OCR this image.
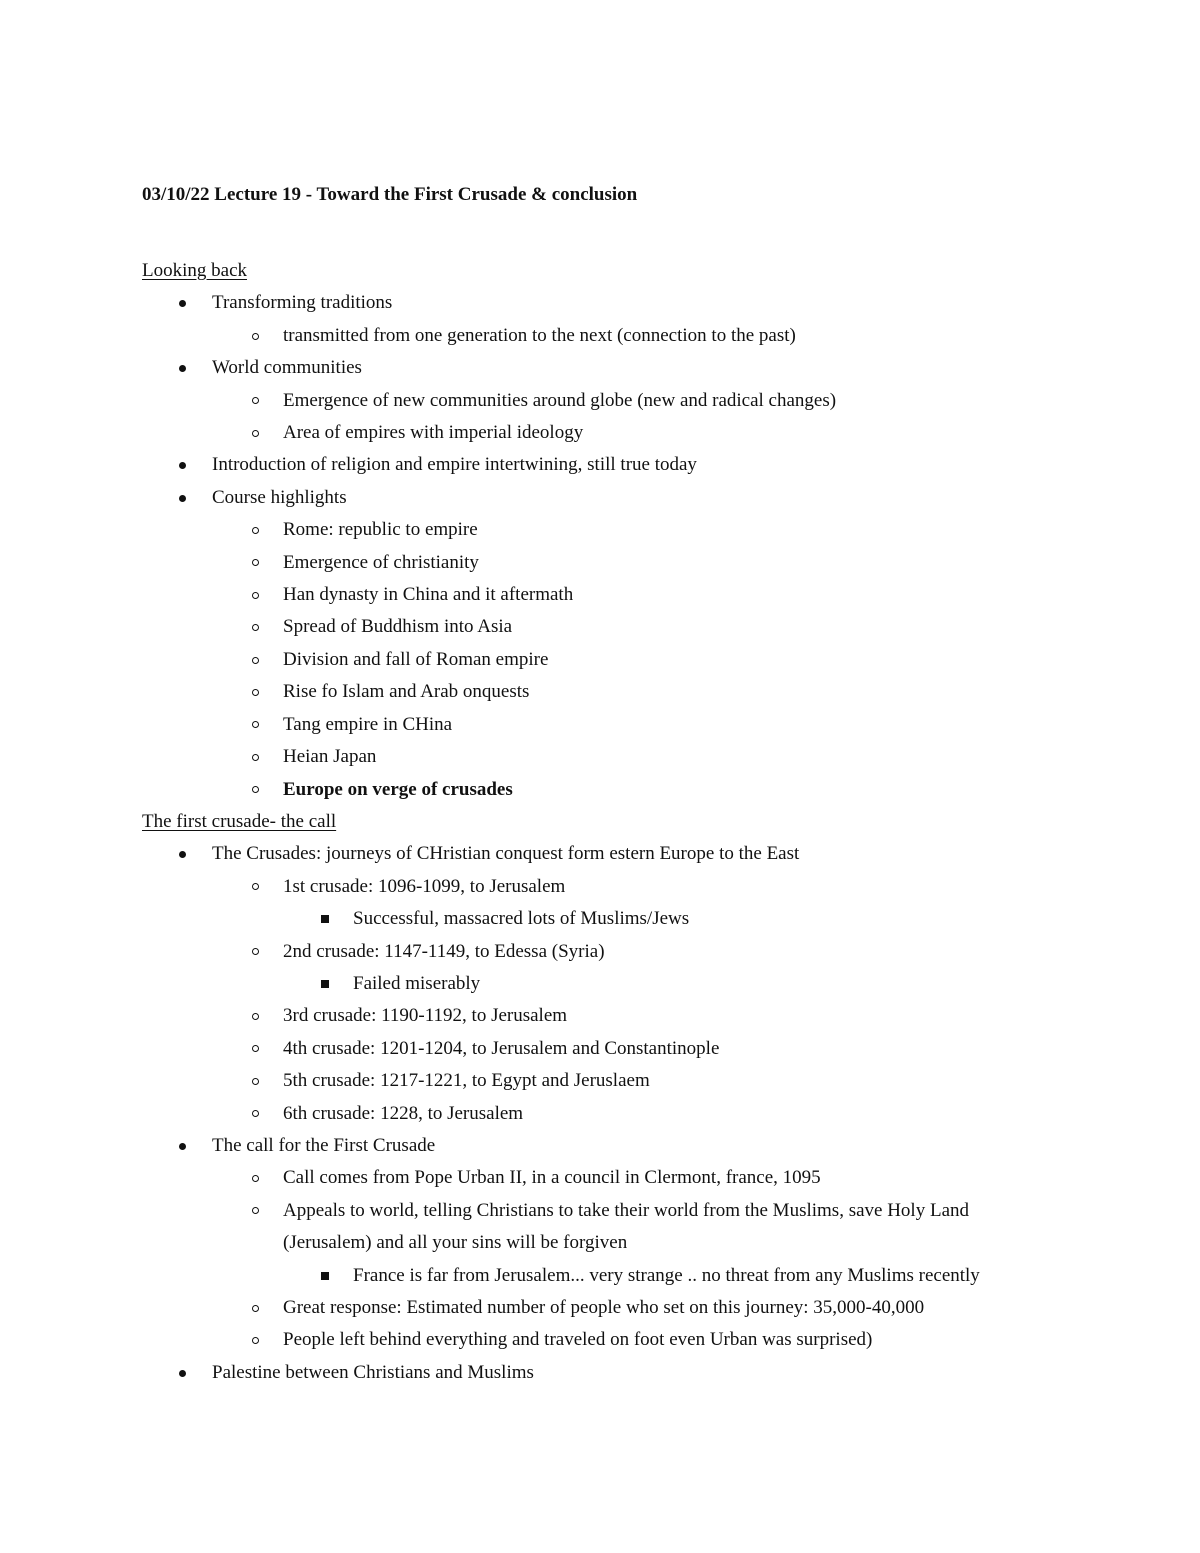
03/10/22 Lecture 19 - Toward the First Crusade & conclusion
Looking back
Transforming traditions
transmitted from one generation to the next (connection to the past)
World communities
Emergence of new communities around globe (new and radical changes)
Area of empires with imperial ideology
Introduction of religion and empire intertwining, still true today
Course highlights
Rome: republic to empire
Emergence of christianity
Han dynasty in China and it aftermath
Spread of Buddhism into Asia
Division and fall of Roman empire
Rise fo Islam and Arab onquests
Tang empire in CHina
Heian Japan
Europe on verge of crusades
The first crusade- the call
The Crusades: journeys of CHristian conquest form estern Europe to the East
1st crusade: 1096-1099, to Jerusalem
Successful, massacred lots of Muslims/Jews
2nd crusade: 1147-1149, to Edessa (Syria)
Failed miserably
3rd crusade: 1190-1192, to Jerusalem
4th crusade: 1201-1204, to Jerusalem and Constantinople
5th crusade: 1217-1221, to Egypt and Jeruslaem
6th crusade: 1228, to Jerusalem
The call for the First Crusade
Call comes from Pope Urban II, in a council in Clermont, france, 1095
Appeals to world, telling Christians to take their world from the Muslims, save Holy Land (Jerusalem) and all your sins will be forgiven
France is far from Jerusalem... very strange .. no threat from any Muslims recently
Great response: Estimated number of people who set on this journey: 35,000-40,000
People left behind everything and traveled on foot even Urban was surprised)
Palestine between Christians and Muslims
